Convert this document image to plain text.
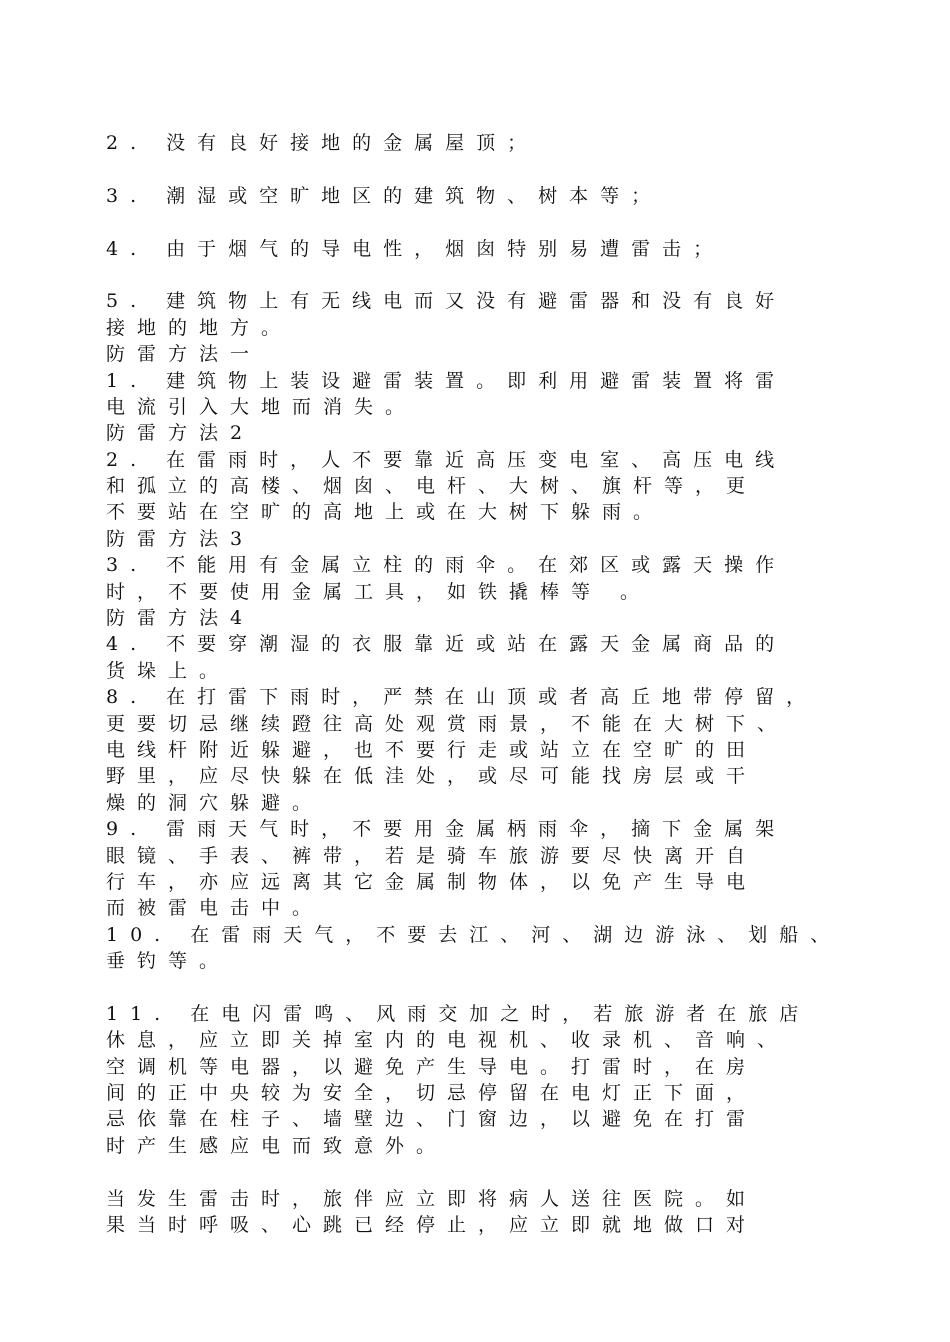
2. 没有良好接地的金属屋顶；
3. 潮湿或空旷地区的建筑物、树本等；
4. 由于烟气的导电性，烟囱特别易遭雷击；
5. 建筑物上有无线电而又没有避雷器和没有良好
接地的地方。
防雷方法一
1. 建筑物上装设避雷装置。即利用避雷装置将雷
电流引入大地而消失。
防雷方法2
2. 在雷雨时，人不要靠近高压变电室、高压电线
和孤立的高楼、烟囱、电杆、大树、旗杆等，更
不要站在空旷的高地上或在大树下躲雨。
防雷方法3
3. 不能用有金属立柱的雨伞。在郊区或露天操作
时，不要使用金属工具，如铁撬棒等 。
防雷方法4
4. 不要穿潮湿的衣服靠近或站在露天金属商品的
货垛上。
8. 在打雷下雨时，严禁在山顶或者高丘地带停留，
更要切忌继续蹬往高处观赏雨景，不能在大树下、
电线杆附近躲避，也不要行走或站立在空旷的田
野里，应尽快躲在低洼处，或尽可能找房层或干
燥的洞穴躲避。
9. 雷雨天气时，不要用金属柄雨伞，摘下金属架
眼镜、手表、裤带，若是骑车旅游要尽快离开自
行车，亦应远离其它金属制物体，以免产生导电
而被雷电击中。
10. 在雷雨天气，不要去江、河、湖边游泳、划船、
垂钓等。
11. 在电闪雷鸣、风雨交加之时，若旅游者在旅店
休息，应立即关掉室内的电视机、收录机、音响、
空调机等电器，以避免产生导电。打雷时，在房
间的正中央较为安全，切忌停留在电灯正下面，
忌依靠在柱子、墙壁边、门窗边，以避免在打雷
时产生感应电而致意外。
当发生雷击时，旅伴应立即将病人送往医院。如
果当时呼吸、心跳已经停止，应立即就地做口对
